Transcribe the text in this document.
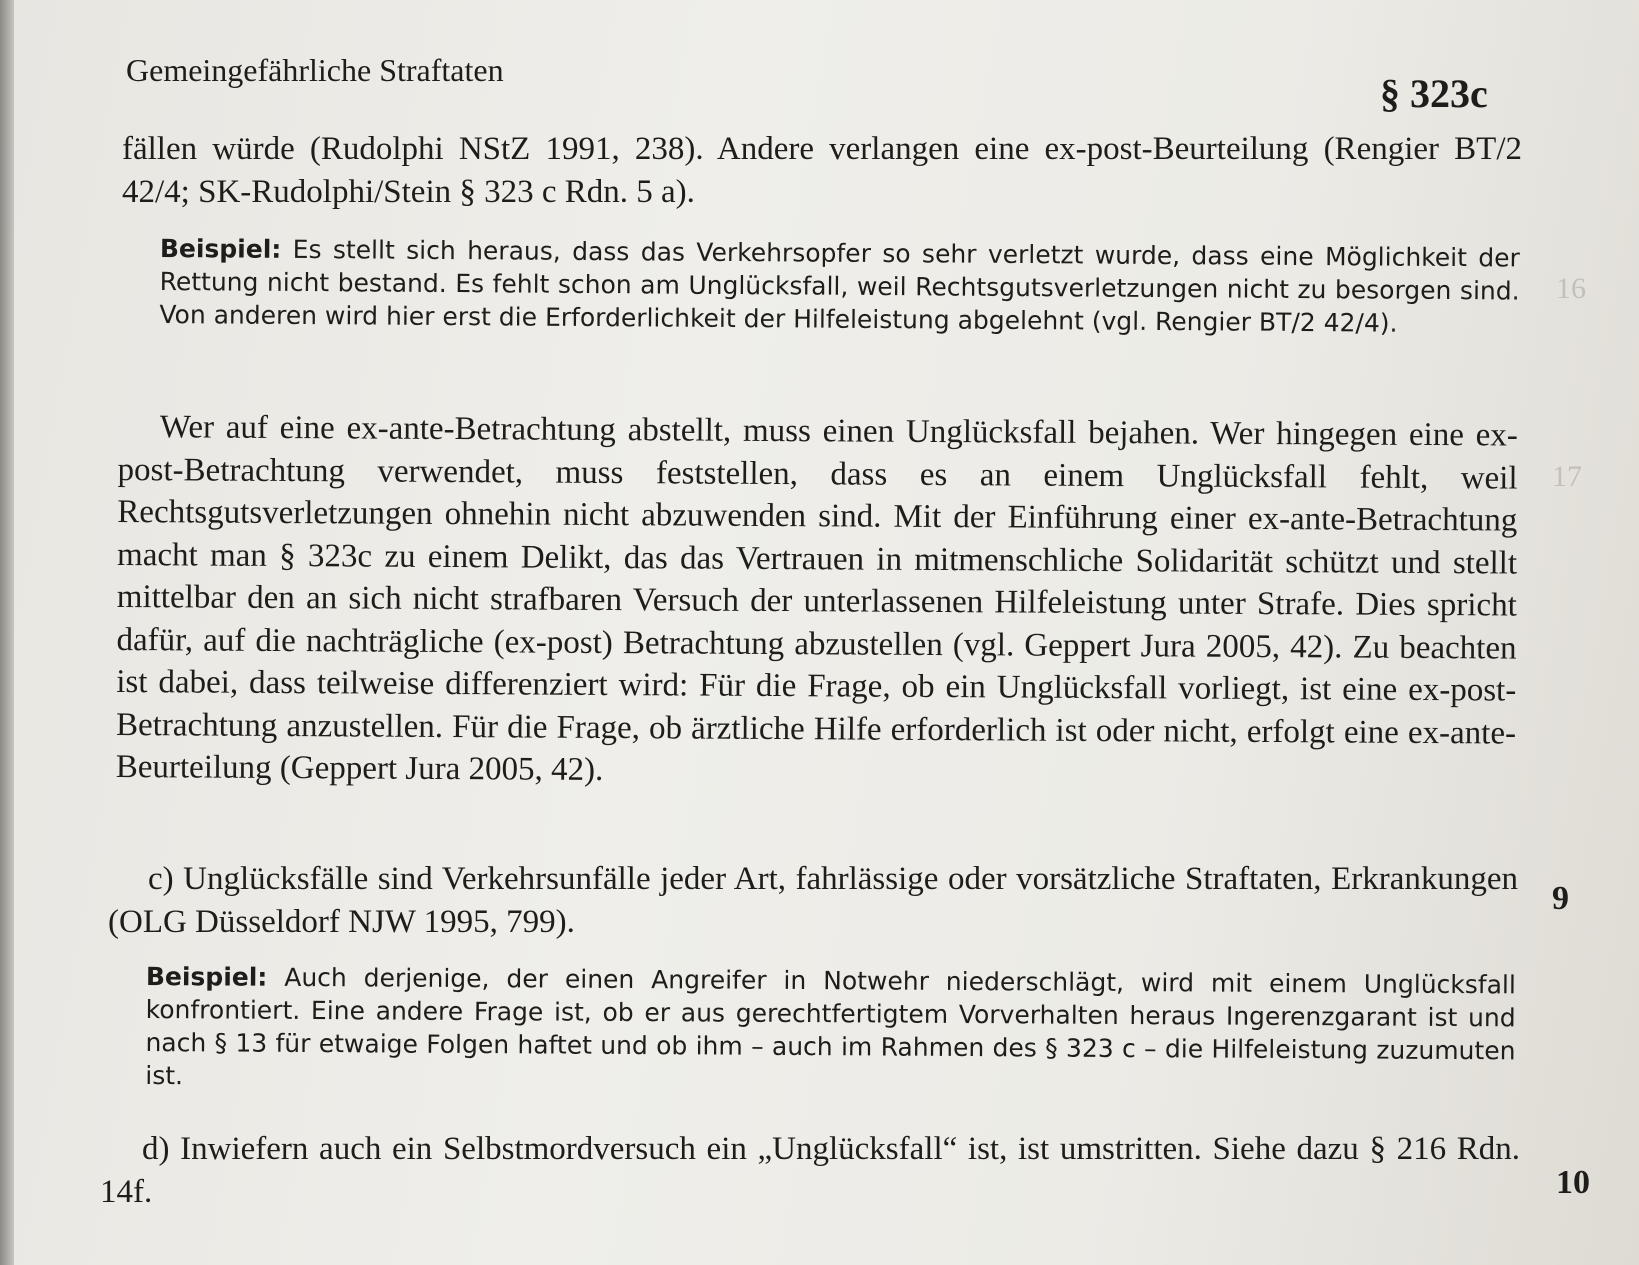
16
17
Gemeingefährliche Straftaten
§ 323c

fällen würde (Rudolphi NStZ 1991, 238). Andere verlangen eine ex-post-Beurteilung (Rengier BT/2 42/4; SK-Rudolphi/Stein § 323 c Rdn. 5 a).

Beispiel: Es stellt sich heraus, dass das Verkehrsopfer so sehr verletzt wurde, dass eine Möglichkeit der Rettung nicht bestand. Es fehlt schon am Unglücksfall, weil Rechtsgutsverletzungen nicht zu besorgen sind. Von anderen wird hier erst die Erforderlichkeit der Hilfeleistung abgelehnt (vgl. Rengier BT/2 42/4).

Wer auf eine ex-ante-Betrachtung abstellt, muss einen Unglücksfall bejahen. Wer hingegen eine ex-post-Betrachtung verwendet, muss feststellen, dass es an einem Unglücksfall fehlt, weil Rechtsgutsverletzungen ohnehin nicht abzuwenden sind. Mit der Einführung einer ex-ante-Betrachtung macht man § 323c zu einem Delikt, das das Vertrauen in mitmenschliche Solidarität schützt und stellt mittelbar den an sich nicht strafbaren Versuch der unterlassenen Hilfeleistung unter Strafe. Dies spricht dafür, auf die nachträgliche (ex-post) Betrachtung abzustellen (vgl. Geppert Jura 2005, 42). Zu beachten ist dabei, dass teilweise differenziert wird: Für die Frage, ob ein Unglücksfall vorliegt, ist eine ex-post-Betrachtung anzustellen. Für die Frage, ob ärztliche Hilfe erforderlich ist oder nicht, erfolgt eine ex-ante-Beurteilung (Geppert Jura 2005, 42).

c) Unglücksfälle sind Verkehrsunfälle jeder Art, fahrlässige oder vorsätzliche Straftaten, Erkrankungen (OLG Düsseldorf NJW 1995, 799).

9

Beispiel: Auch derjenige, der einen Angreifer in Notwehr niederschlägt, wird mit einem Unglücksfall konfrontiert. Eine andere Frage ist, ob er aus gerechtfertigtem Vorverhalten heraus Ingerenzgarant ist und nach § 13 für etwaige Folgen haftet und ob ihm – auch im Rahmen des § 323 c – die Hilfeleistung zuzumuten ist.

d) Inwiefern auch ein Selbstmordversuch ein „Unglücksfall“ ist, ist umstritten. Siehe dazu § 216 Rdn. 14f.	10
